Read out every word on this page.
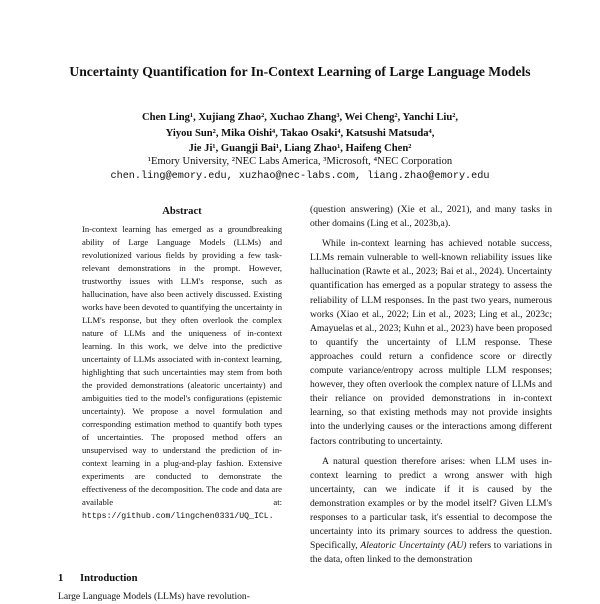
Uncertainty Quantification for In-Context Learning of Large Language Models
Chen Ling¹, Xujiang Zhao², Xuchao Zhang³, Wei Cheng², Yanchi Liu²,
Yiyou Sun², Mika Oishi⁴, Takao Osaki⁴, Katsushi Matsuda⁴,
Jie Ji¹, Guangji Bai¹, Liang Zhao¹, Haifeng Chen²
¹Emory University, ²NEC Labs America, ³Microsoft, ⁴NEC Corporation
chen.ling@emory.edu, xuzhao@nec-labs.com, liang.zhao@emory.edu
Abstract

In-context learning has emerged as a groundbreaking ability of Large Language Models (LLMs) and revolutionized various fields by providing a few task-relevant demonstrations in the prompt. However, trustworthy issues with LLM's response, such as hallucination, have also been actively discussed. Existing works have been devoted to quantifying the uncertainty in LLM's response, but they often overlook the complex nature of LLMs and the uniqueness of in-context learning. In this work, we delve into the predictive uncertainty of LLMs associated with in-context learning, highlighting that such uncertainties may stem from both the provided demonstrations (aleatoric uncertainty) and ambiguities tied to the model's configurations (epistemic uncertainty). We propose a novel formulation and corresponding estimation method to quantify both types of uncertainties. The proposed method offers an unsupervised way to understand the prediction of in-context learning in a plug-and-play fashion. Extensive experiments are conducted to demonstrate the effectiveness of the decomposition. The code and data are available at: https://github.com/lingchen0331/UQ_ICL.

1 Introduction
Large Language Models (LLMs) have revolution-

(question answering) (Xie et al., 2021), and many tasks in other domains (Ling et al., 2023b,a).

While in-context learning has achieved notable success, LLMs remain vulnerable to well-known reliability issues like hallucination (Rawte et al., 2023; Bai et al., 2024). Uncertainty quantification has emerged as a popular strategy to assess the reliability of LLM responses. In the past two years, numerous works (Xiao et al., 2022; Lin et al., 2023; Ling et al., 2023c; Amayuelas et al., 2023; Kuhn et al., 2023) have been proposed to quantify the uncertainty of LLM response. These approaches could return a confidence score or directly compute variance/entropy across multiple LLM responses; however, they often overlook the complex nature of LLMs and their reliance on provided demonstrations in in-context learning, so that existing methods may not provide insights into the underlying causes or the interactions among different factors contributing to uncertainty.

A natural question therefore arises: when LLM uses in-context learning to predict a wrong answer with high uncertainty, can we indicate if it is caused by the demonstration examples or by the model itself? Given LLM's responses to a particular task, it's essential to decompose the uncertainty into its primary sources to address the question. Specifically, Aleatoric Uncertainty (AU) refers to variations in the data, often linked to the demonstration
